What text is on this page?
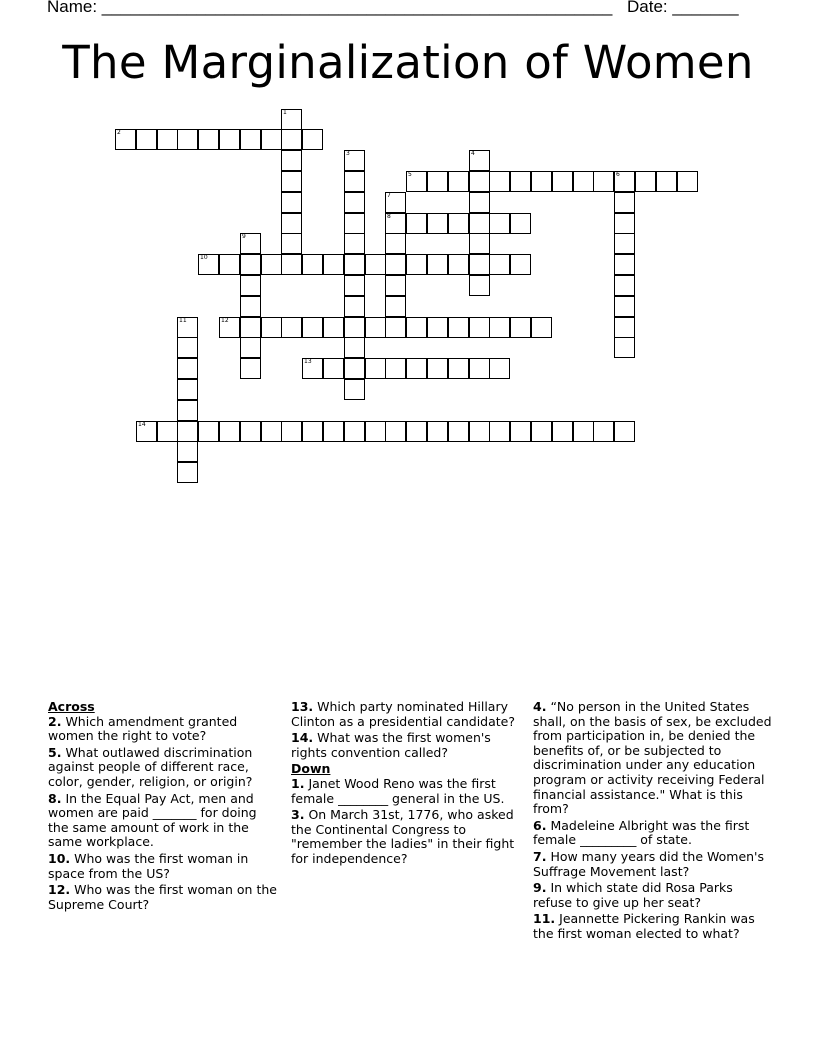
Name: ______________________________________________________ Date: _______
The Marginalization of Women
1
2
3	4
5	6
7
8
9
10
11	12
13
14
Across
2. Which amendment granted women the right to vote?
5. What outlawed discrimination against people of different race, color, gender, religion, or origin?
8. In the Equal Pay Act, men and women are paid _______ for doing the same amount of work in the same workplace.
10. Who was the first woman in space from the US?
12. Who was the first woman on the Supreme Court?
13. Which party nominated Hillary Clinton as a presidential candidate?
14. What was the first women's rights convention called?
Down
1. Janet Wood Reno was the first female ________ general in the US.
3. On March 31st, 1776, who asked the Continental Congress to "remember the ladies" in their fight for independence?
4. “No person in the United States shall, on the basis of sex, be excluded from participation in, be denied the benefits of, or be subjected to discrimination under any education program or activity receiving Federal financial assistance." What is this from?
6. Madeleine Albright was the first female _________ of state.
7. How many years did the Women's Suffrage Movement last?
9. In which state did Rosa Parks refuse to give up her seat?
11. Jeannette Pickering Rankin was the first woman elected to what?
